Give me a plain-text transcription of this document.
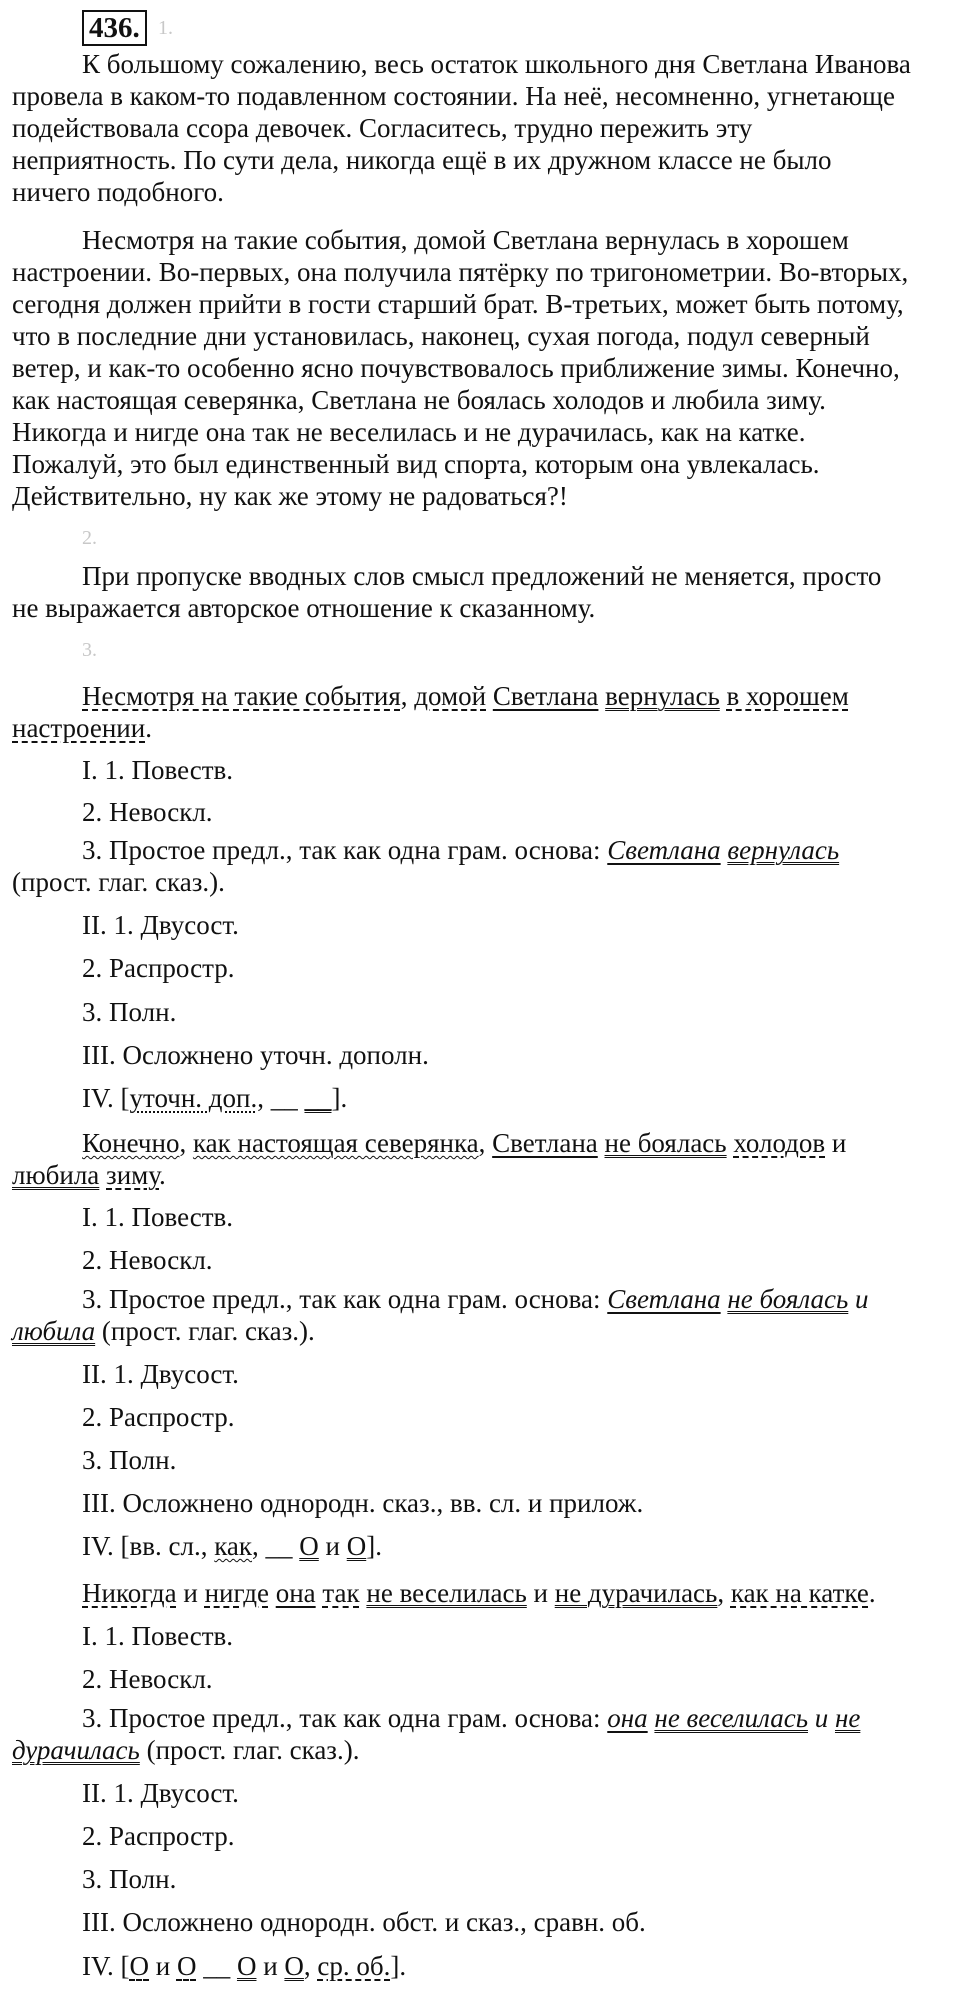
436. 1.
К большому сожалению, весь остаток школьного дня Светлана Иванова
провела в каком-то подавленном состоянии. На неё, несомненно, угнетающе
подействовала ссора девочек. Согласитесь, трудно пережить эту
неприятность. По сути дела, никогда ещё в их дружном классе не было
ничего подобного.
Несмотря на такие события, домой Светлана вернулась в хорошем
настроении. Во-первых, она получила пятёрку по тригонометрии. Во-вторых,
сегодня должен прийти в гости старший брат. В-третьих, может быть потому,
что в последние дни установилась, наконец, сухая погода, подул северный
ветер, и как-то особенно ясно почувствовалось приближение зимы. Конечно,
как настоящая северянка, Светлана не боялась холодов и любила зиму.
Никогда и нигде она так не веселилась и не дурачилась, как на катке.
Пожалуй, это был единственный вид спорта, которым она увлекалась.
Действительно, ну как же этому не радоваться?!
2.
При пропуске вводных слов смысл предложений не меняется, просто
не выражается авторское отношение к сказанному.
3.
Несмотря на такие события, домой Светлана вернулась в хорошем
настроении.
I. 1. Повеств.
2. Невоскл.
3. Простое предл., так как одна грам. основа: Светлана вернулась
(прост. глаг. сказ.).
II. 1. Двусост.
2. Распростр.
3. Полн.
III. Осложнено уточн. дополн.
IV. [уточн. доп., __ __].
Конечно, как настоящая северянка, Светлана не боялась холодов и
любила зиму.
I. 1. Повеств.
2. Невоскл.
3. Простое предл., так как одна грам. основа: Светлана не боялась и
любила (прост. глаг. сказ.).
II. 1. Двусост.
2. Распростр.
3. Полн.
III. Осложнено однородн. сказ., вв. сл. и прилож.
IV. [вв. сл., как, __ О и О].
Никогда и нигде она так не веселилась и не дурачилась, как на катке.
I. 1. Повеств.
2. Невоскл.
3. Простое предл., так как одна грам. основа: она не веселилась и не
дурачилась (прост. глаг. сказ.).
II. 1. Двусост.
2. Распростр.
3. Полн.
III. Осложнено однородн. обст. и сказ., сравн. об.
IV. [О и О __ О и О, ср. об.].
